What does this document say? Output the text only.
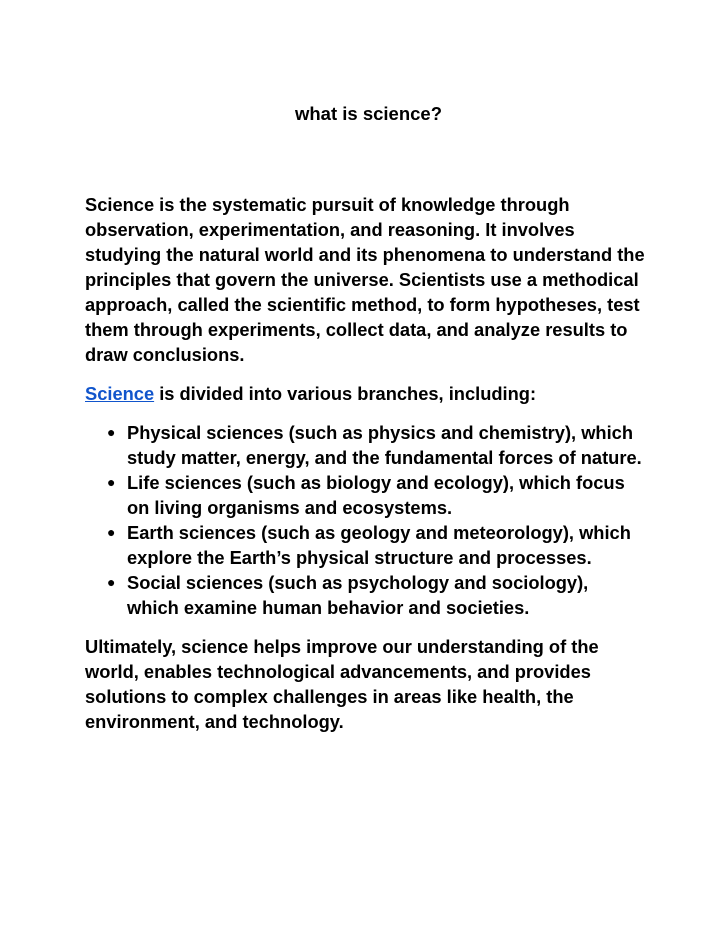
what is science?

Science is the systematic pursuit of knowledge through observation, experimentation, and reasoning. It involves studying the natural world and its phenomena to understand the principles that govern the universe. Scientists use a methodical approach, called the scientific method, to form hypotheses, test them through experiments, collect data, and analyze results to draw conclusions.

Science is divided into various branches, including:

● Physical sciences (such as physics and chemistry), which study matter, energy, and the fundamental forces of nature.
● Life sciences (such as biology and ecology), which focus on living organisms and ecosystems.
● Earth sciences (such as geology and meteorology), which explore the Earth’s physical structure and processes.
● Social sciences (such as psychology and sociology), which examine human behavior and societies.

Ultimately, science helps improve our understanding of the world, enables technological advancements, and provides solutions to complex challenges in areas like health, the environment, and technology.
